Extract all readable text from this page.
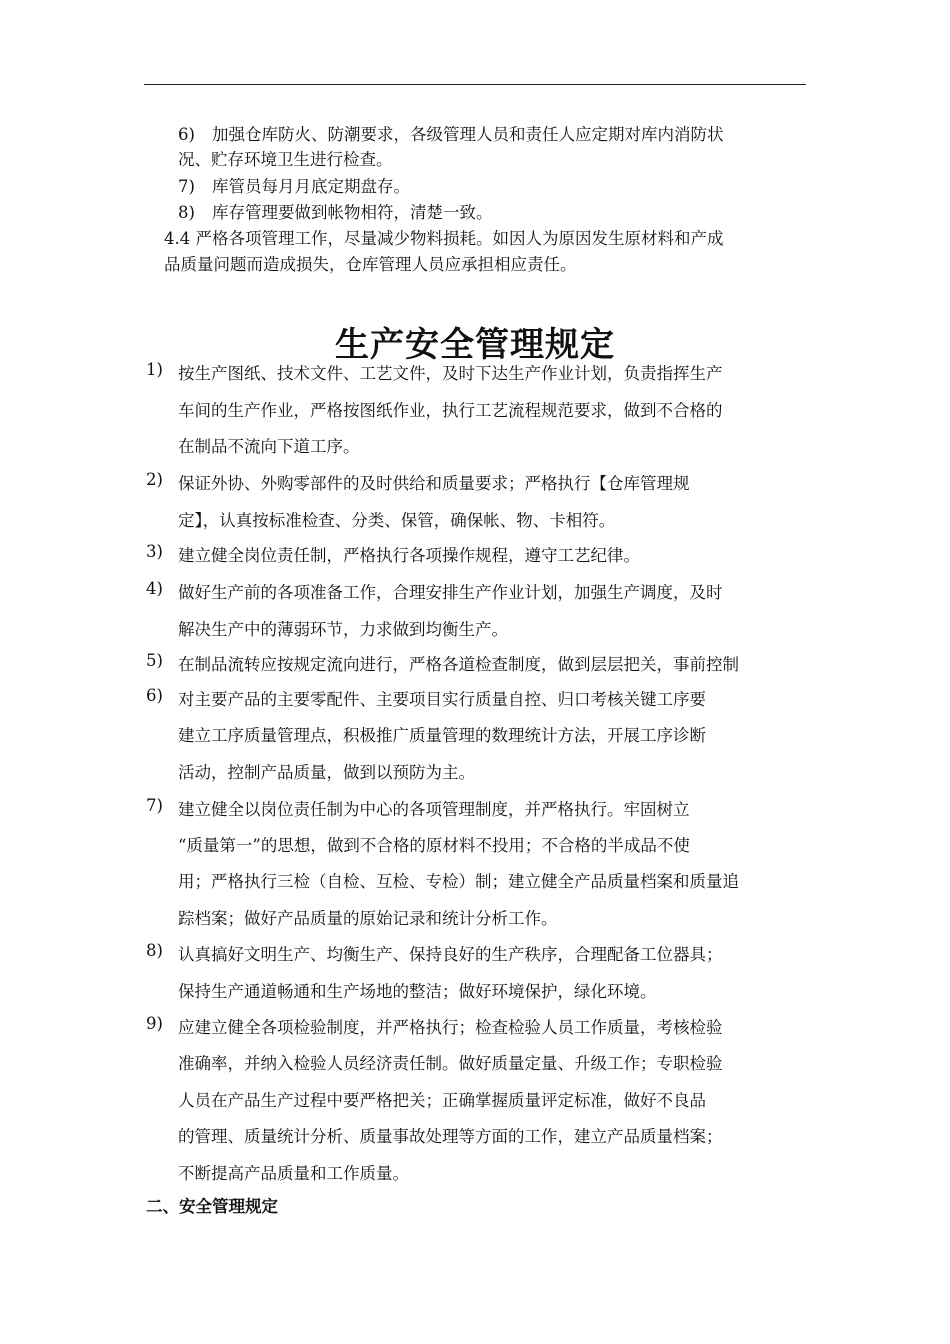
6) 加强仓库防火、防潮要求，各级管理人员和责任人应定期对库内消防状
况、贮存环境卫生进行检查。
7) 库管员每月月底定期盘存。
8) 库存管理要做到帐物相符，清楚一致。
4.4 严格各项管理工作，尽量减少物料损耗。如因人为原因发生原材料和产成
品质量问题而造成损失，仓库管理人员应承担相应责任。
生产安全管理规定
1) 按生产图纸、技术文件、工艺文件，及时下达生产作业计划，负责指挥生产
车间的生产作业，严格按图纸作业，执行工艺流程规范要求，做到不合格的
在制品不流向下道工序。
2) 保证外协、外购零部件的及时供给和质量要求；严格执行【仓库管理规
定】，认真按标准检查、分类、保管，确保帐、物、卡相符。
3) 建立健全岗位责任制，严格执行各项操作规程，遵守工艺纪律。
4) 做好生产前的各项准备工作，合理安排生产作业计划，加强生产调度，及时
解决生产中的薄弱环节，力求做到均衡生产。
5) 在制品流转应按规定流向进行，严格各道检查制度，做到层层把关，事前控制
6) 对主要产品的主要零配件、主要项目实行质量自控、归口考核关键工序要
建立工序质量管理点，积极推广质量管理的数理统计方法，开展工序诊断
活动，控制产品质量，做到以预防为主。
7) 建立健全以岗位责任制为中心的各项管理制度，并严格执行。牢固树立
“质量第一”的思想，做到不合格的原材料不投用；不合格的半成品不使
用；严格执行三检（自检、互检、专检）制；建立健全产品质量档案和质量追
踪档案；做好产品质量的原始记录和统计分析工作。
8) 认真搞好文明生产、均衡生产、保持良好的生产秩序，合理配备工位器具；
保持生产通道畅通和生产场地的整洁；做好环境保护，绿化环境。
9) 应建立健全各项检验制度，并严格执行；检查检验人员工作质量，考核检验
准确率，并纳入检验人员经济责任制。做好质量定量、升级工作；专职检验
人员在产品生产过程中要严格把关；正确掌握质量评定标准，做好不良品
的管理、质量统计分析、质量事故处理等方面的工作，建立产品质量档案；
不断提高产品质量和工作质量。
二、安全管理规定
